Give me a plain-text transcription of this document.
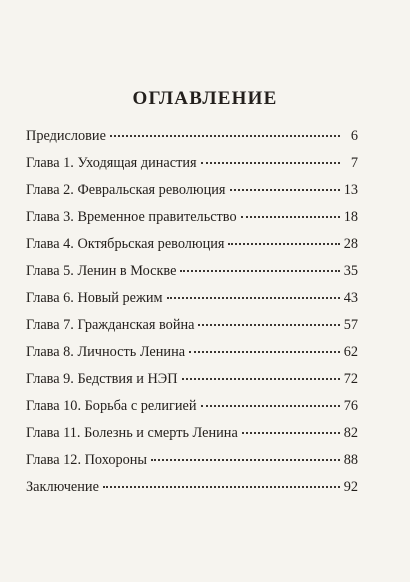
ОГЛАВЛЕНИЕ
Предисловие	6
Глава 1. Уходящая династия	7
Глава 2. Февральская революция	13
Глава 3. Временное правительство	18
Глава 4. Октябрьская революция	28
Глава 5. Ленин в Москве	35
Глава 6. Новый режим	43
Глава 7. Гражданская война	57
Глава 8. Личность Ленина	62
Глава 9. Бедствия и НЭП	72
Глава 10. Борьба с религией	76
Глава 11. Болезнь и смерть Ленина	82
Глава 12. Похороны	88
Заключение	92
